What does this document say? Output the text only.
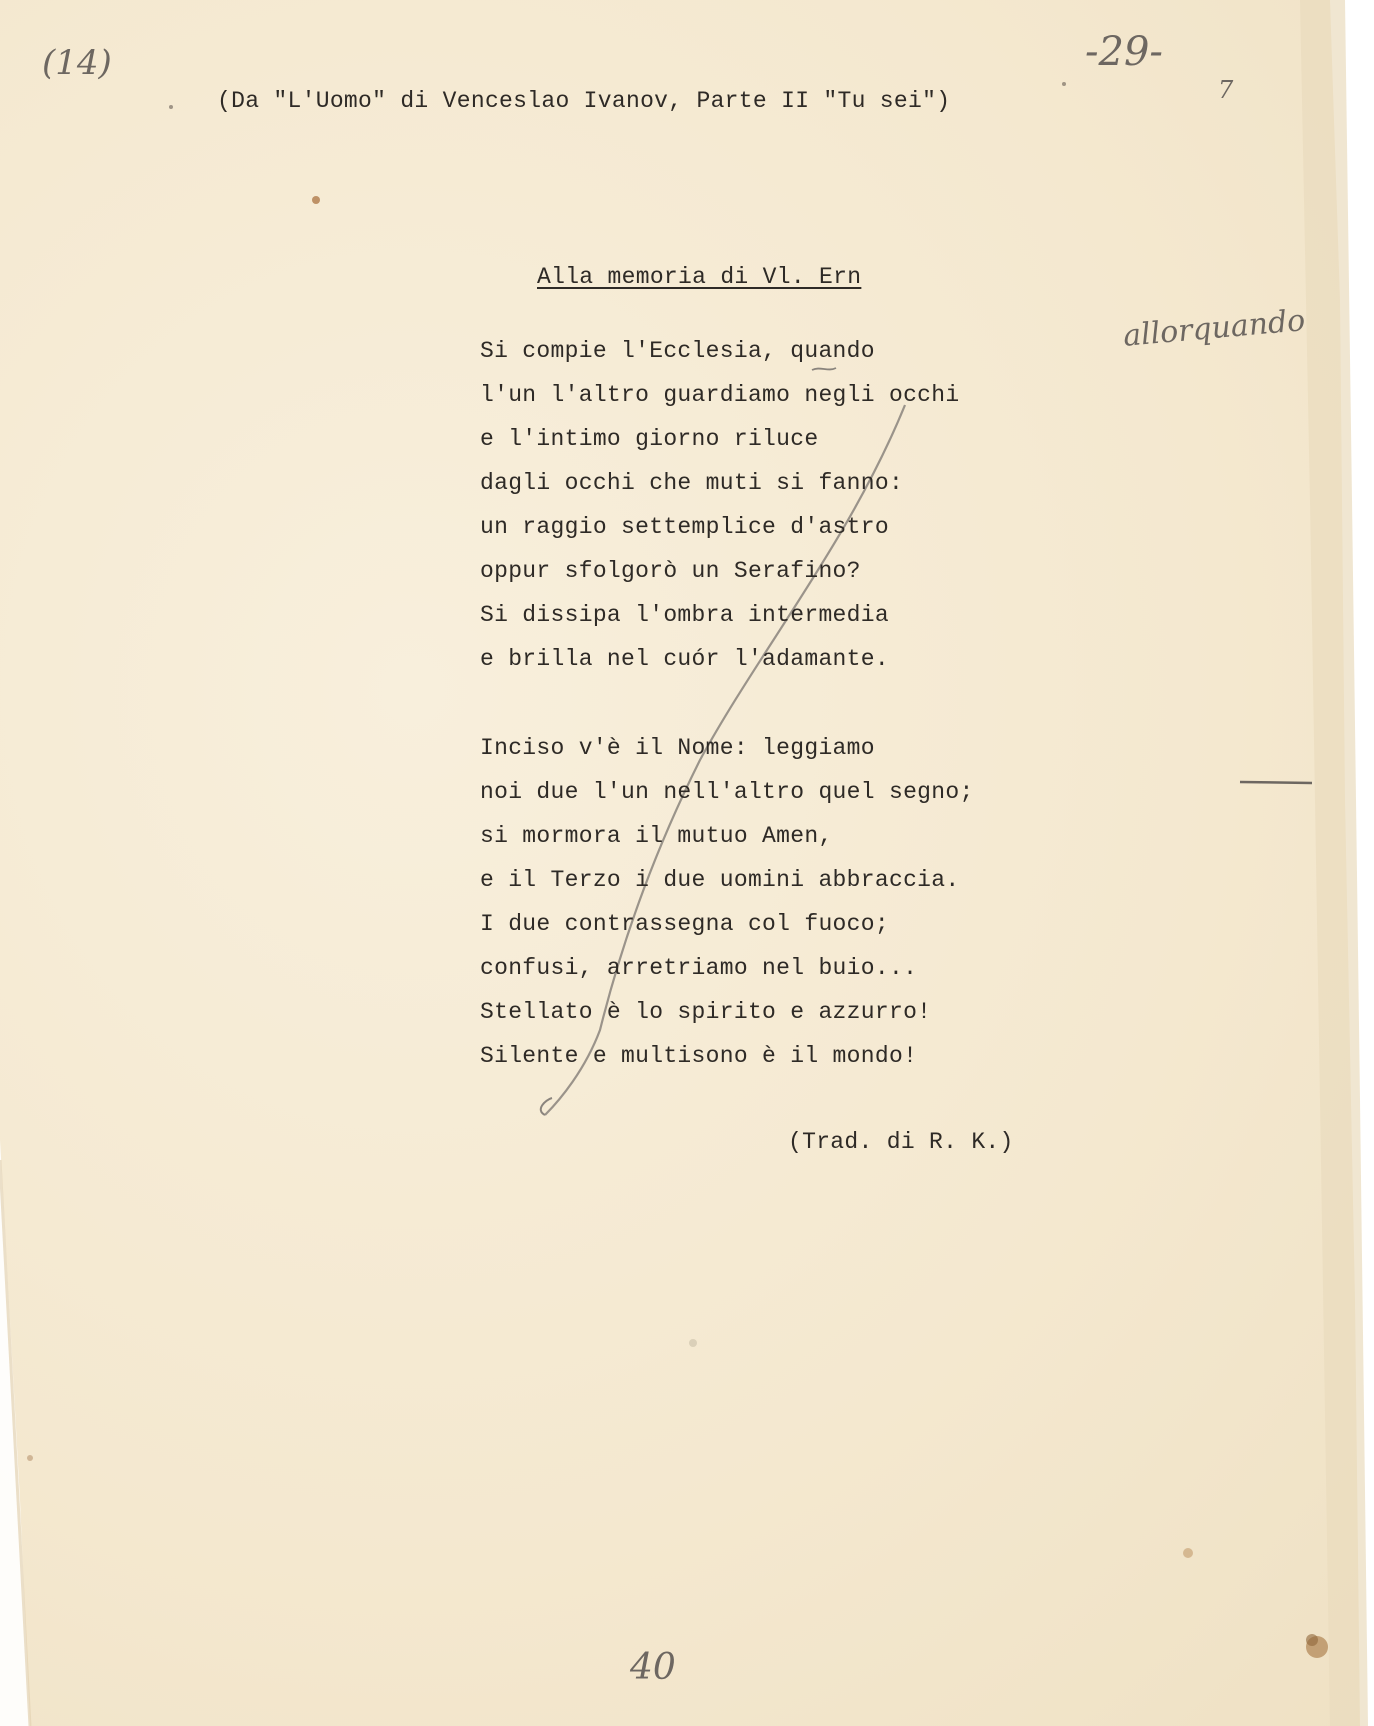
(14)	-29-
7
(Da "L'Uomo" di Venceslao Ivanov, Parte II "Tu sei")
Alla memoria di Vl. Ern
allorquando
Si compie l'Ecclesia, quando
l'un l'altro guardiamo negli occhi
e l'intimo giorno riluce
dagli occhi che muti si fanno:
un raggio settemplice d'astro
oppur sfolgorò un Serafino?
Si dissipa l'ombra intermedia
e brilla nel cuór l'adamante.
Inciso v'è il Nome: leggiamo
noi due l'un nell'altro quel segno;
si mormora il mutuo Amen,
e il Terzo i due uomini abbraccia.
I due contrassegna col fuoco;
confusi, arretriamo nel buio...
Stellato è lo spirito e azzurro!
Silente e multisono è il mondo!
(Trad. di R. K.)
40
